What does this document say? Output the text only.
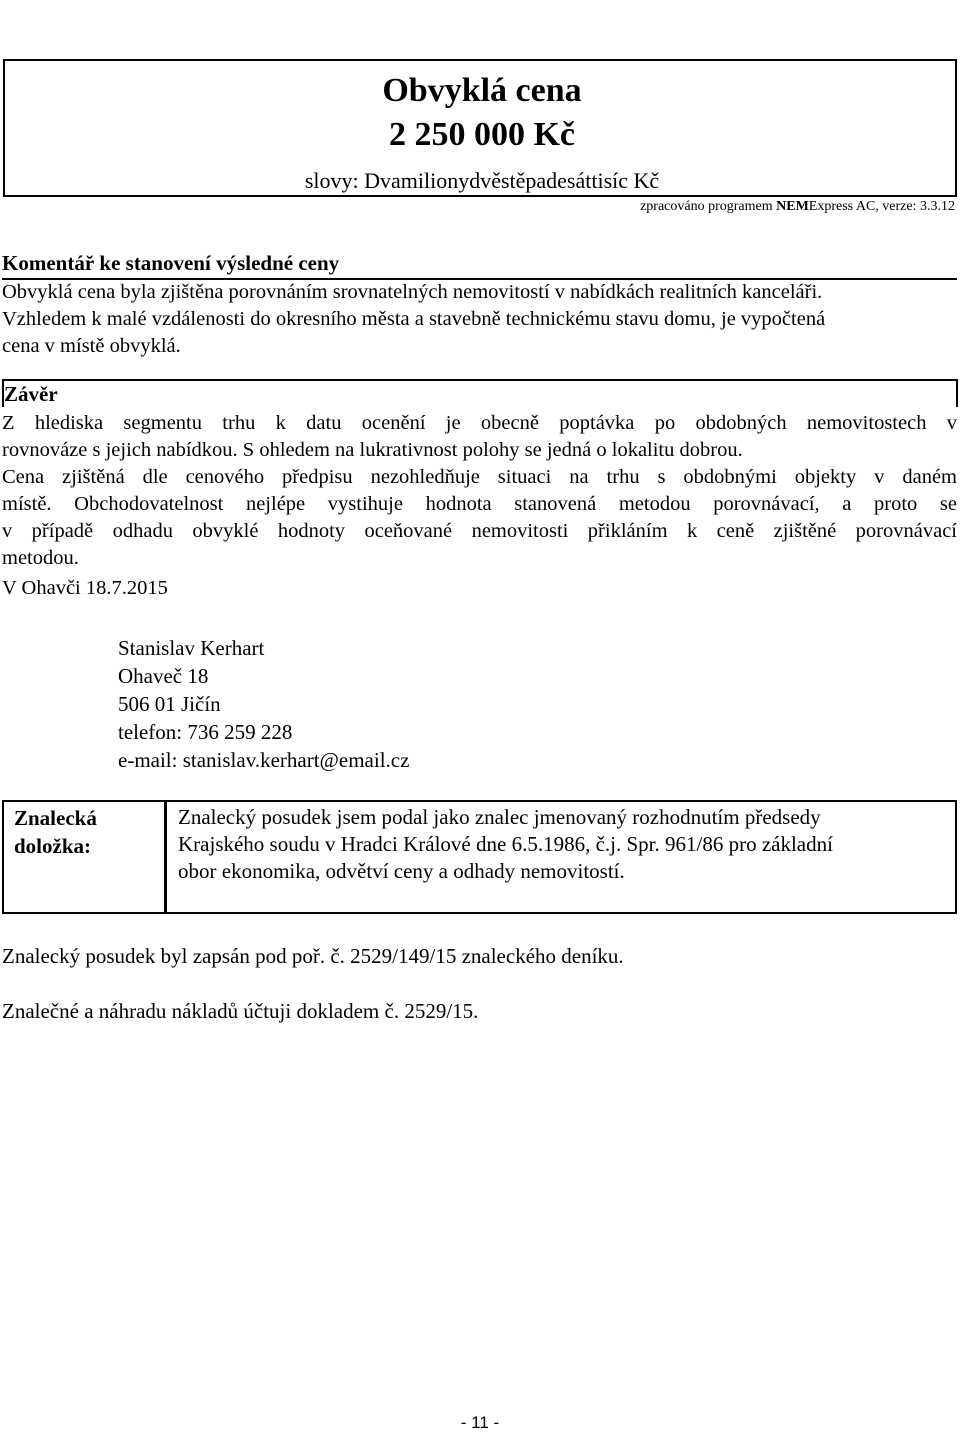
Obvyklá cena
2 250 000 Kč
slovy: Dvamilionydvěstěpadesáttisíc Kč
zpracováno programem NEMExpress AC, verze: 3.3.12
Komentář ke stanovení výsledné ceny
Obvyklá cena byla zjištěna porovnáním srovnatelných nemovitostí v nabídkách realitních kanceláři.
Vzhledem k malé vzdálenosti do okresního města a stavebně technickému stavu domu, je vypočtená
cena v místě obvyklá.
Závěr
Z hlediska segmentu trhu k datu ocenění je obecně poptávka po obdobných nemovitostech v
rovnováze s jejich nabídkou. S ohledem na lukrativnost polohy se jedná o lokalitu dobrou.
Cena zjištěná dle cenového předpisu nezohledňuje situaci na trhu s obdobnými objekty v daném
místě. Obchodovatelnost nejlépe vystihuje hodnota stanovená metodou porovnávací, a proto se
v případě odhadu obvyklé hodnoty oceňované nemovitosti přikláním k ceně zjištěné porovnávací
metodou.
V Ohavči 18.7.2015
Stanislav Kerhart
Ohaveč 18
506 01 Jičín
telefon: 736 259 228
e-mail: stanislav.kerhart@email.cz
Znalecká
doložka:
Znalecký posudek jsem podal jako znalec jmenovaný rozhodnutím předsedy
Krajského soudu v Hradci Králové dne 6.5.1986, č.j. Spr. 961/86 pro základní
obor ekonomika, odvětví ceny a odhady nemovitostí.
Znalecký posudek byl zapsán pod poř. č. 2529/149/15 znaleckého deníku.
Znalečné a náhradu nákladů účtuji dokladem č. 2529/15.
- 11 -
